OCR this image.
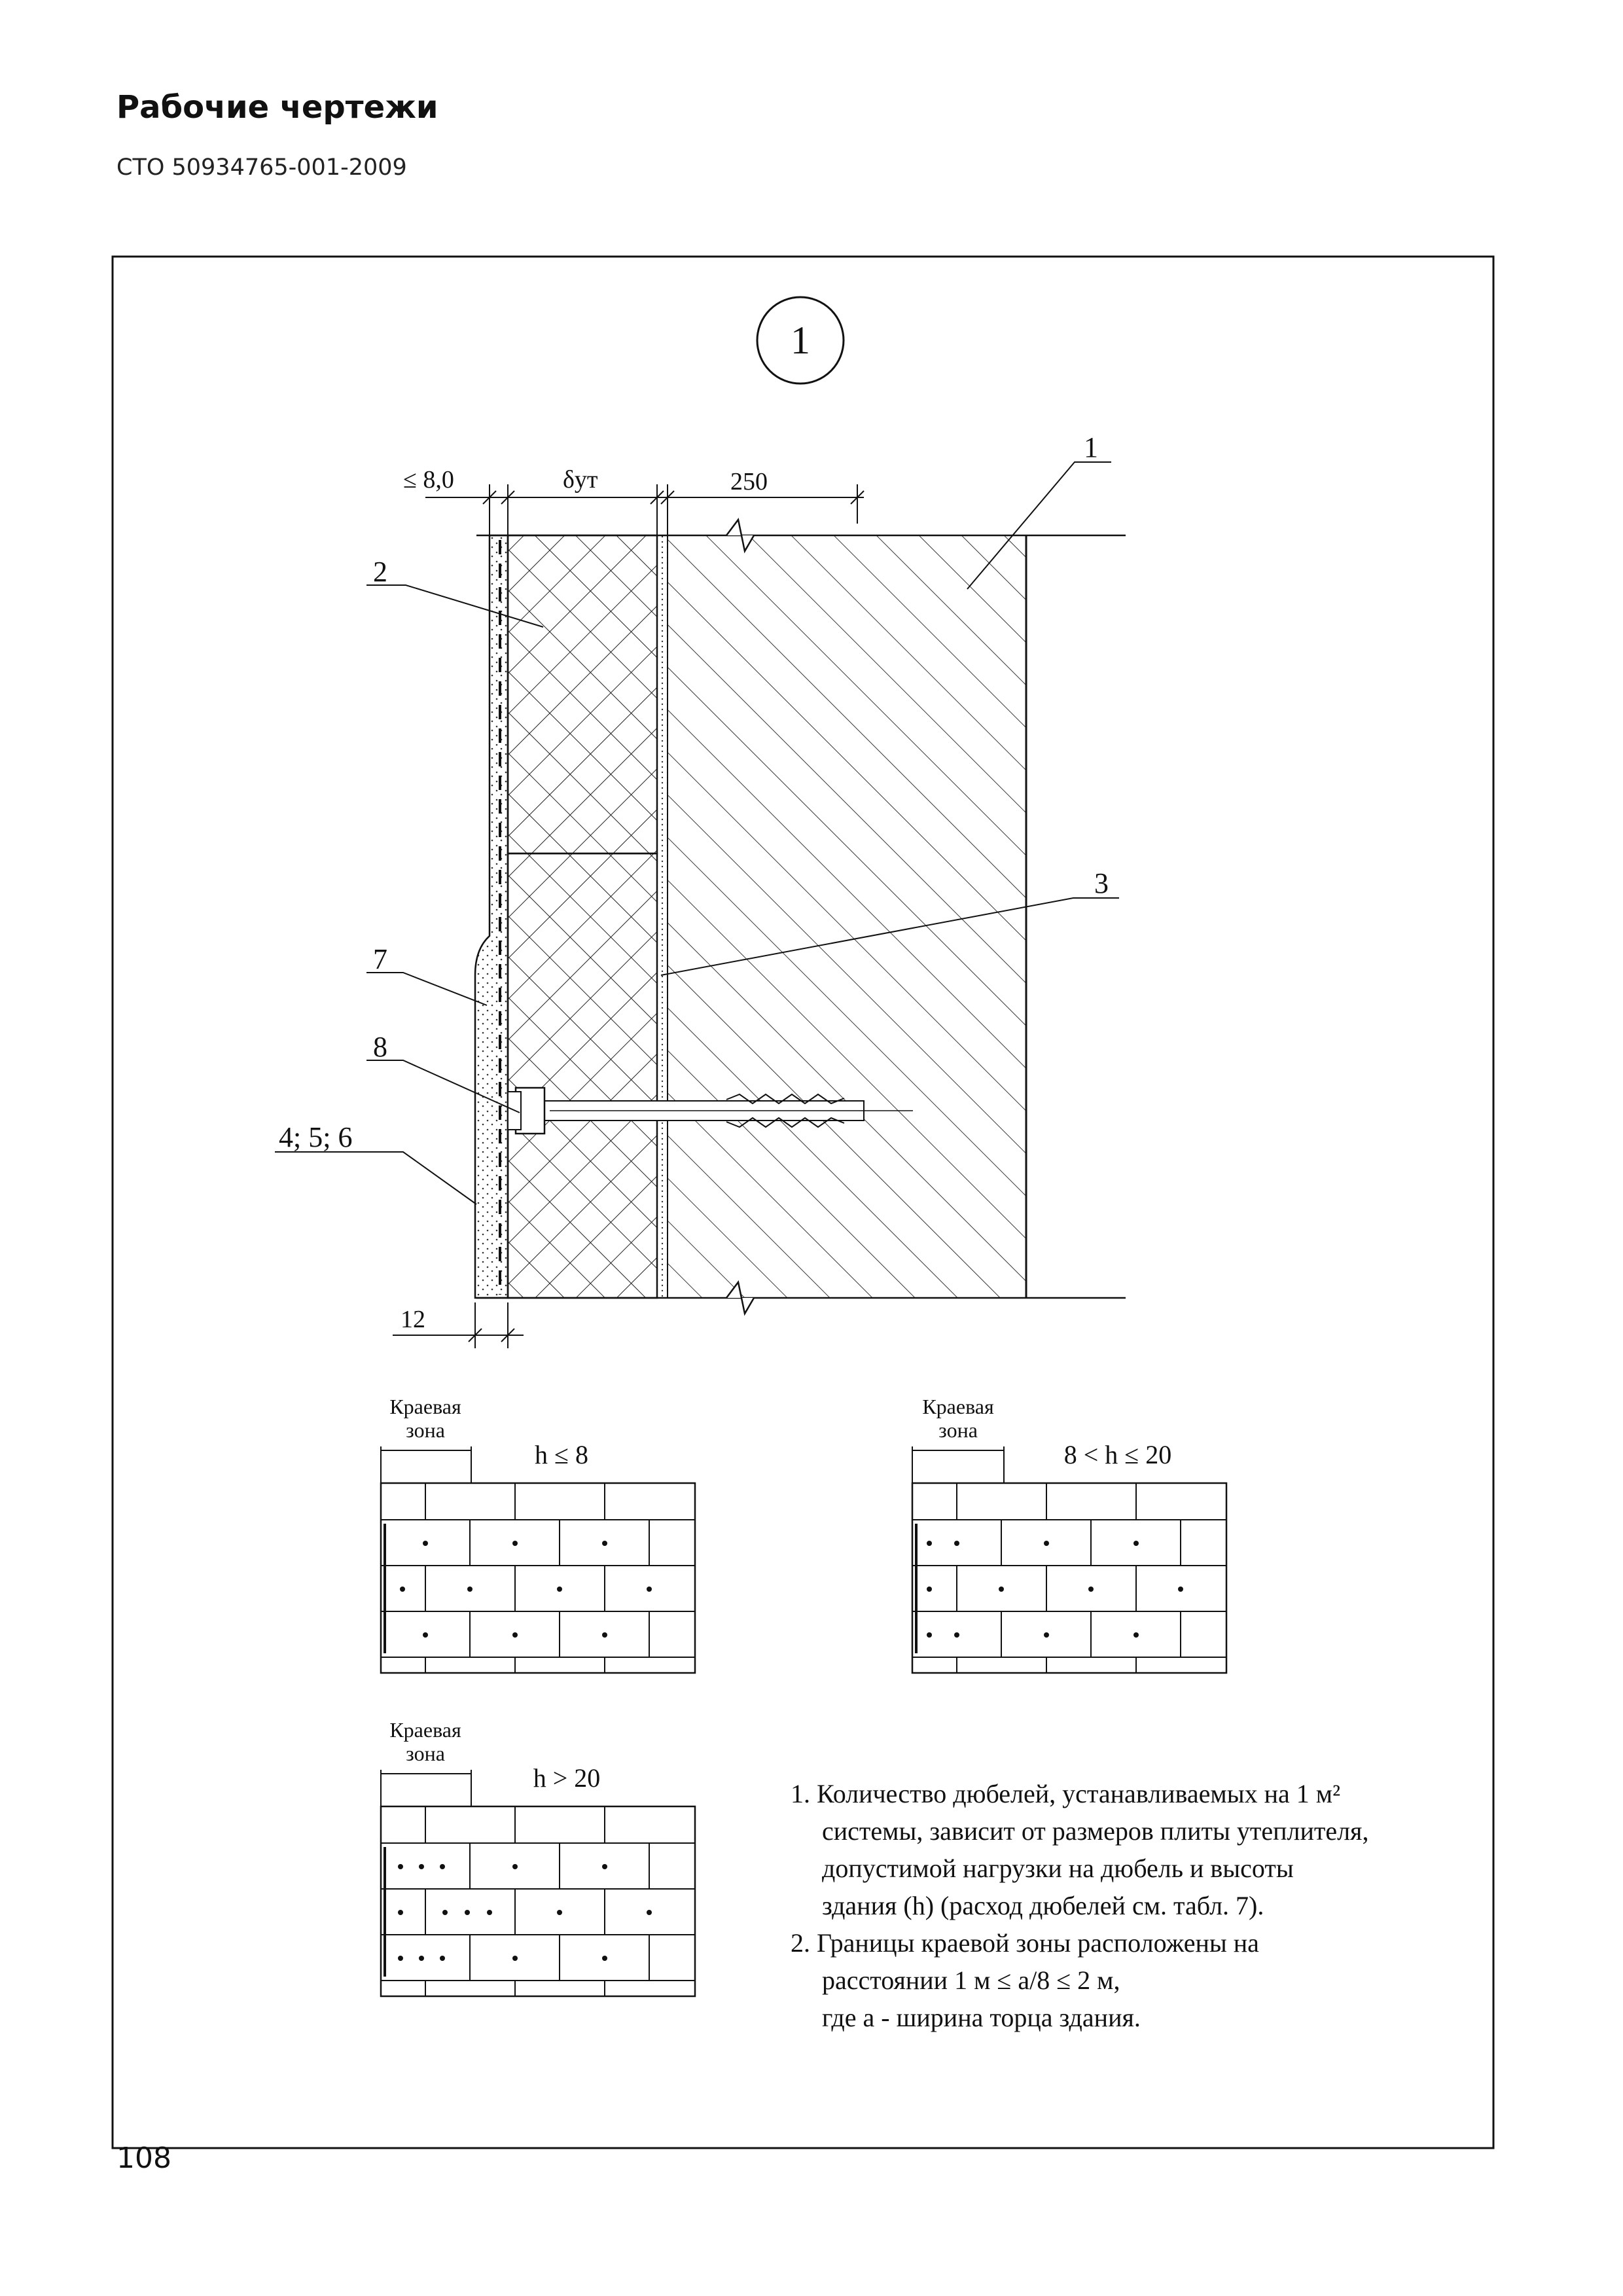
Рабочие чертежи
СТО 50934765-001-2009
1
≤ 8,0	δут	250
12
1
2
3
7
8
4; 5; 6
Краевая
зона
h ≤ 8
Краевая
зона
8 < h ≤ 20
Краевая
зона
h > 20

1. Количество дюбелей, устанавливаемых на 1 м²
системы, зависит от размеров плиты утеплителя,
допустимой нагрузки на дюбель и высоты
здания (h) (расход дюбелей см. табл. 7).

2. Границы краевой зоны расположены на
расстоянии 1 м ≤ a/8 ≤ 2 м,
где a - ширина торца здания.

108
